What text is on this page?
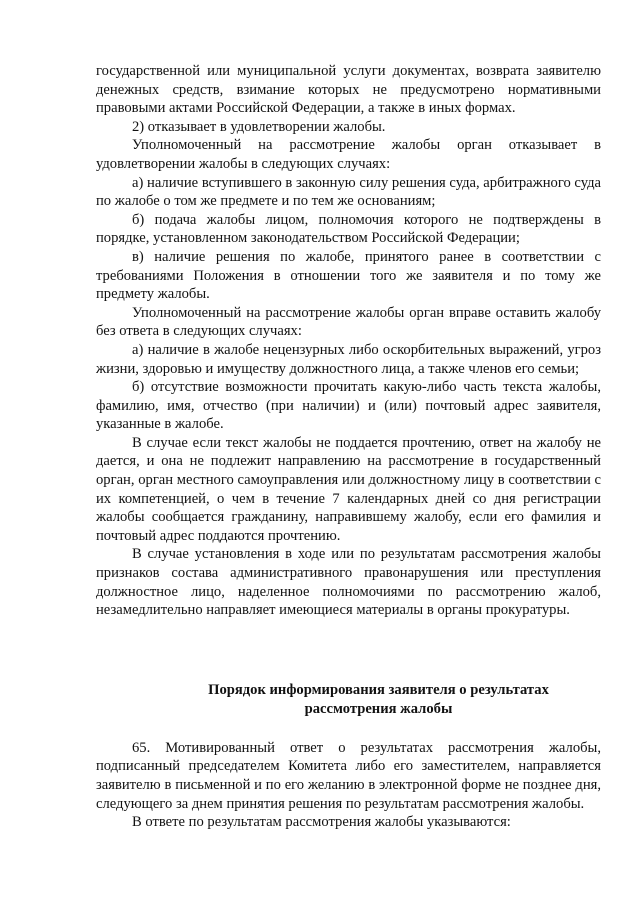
государственной или муниципальной услуги документах, возврата заявителю денежных средств, взимание которых не предусмотрено нормативными правовыми актами Российской Федерации, а также в иных формах.

2) отказывает в удовлетворении жалобы.

Уполномоченный на рассмотрение жалобы орган отказывает в удовлетворении жалобы в следующих случаях:

а) наличие вступившего в законную силу решения суда, арбитражного суда по жалобе о том же предмете и по тем же основаниям;

б) подача жалобы лицом, полномочия которого не подтверждены в порядке, установленном законодательством Российской Федерации;

в) наличие решения по жалобе, принятого ранее в соответствии с требованиями Положения в отношении того же заявителя и по тому же предмету жалобы.

Уполномоченный на рассмотрение жалобы орган вправе оставить жалобу без ответа в следующих случаях:

а) наличие в жалобе нецензурных либо оскорбительных выражений, угроз жизни, здоровью и имуществу должностного лица, а также членов его семьи;

б) отсутствие возможности прочитать какую-либо часть текста жалобы, фамилию, имя, отчество (при наличии) и (или) почтовый адрес заявителя, указанные в жалобе.

В случае если текст жалобы не поддается прочтению, ответ на жалобу не дается, и она не подлежит направлению на рассмотрение в государственный орган, орган местного самоуправления или должностному лицу в соответствии с их компетенцией, о чем в течение 7 календарных дней со дня регистрации жалобы сообщается гражданину, направившему жалобу, если его фамилия и почтовый адрес поддаются прочтению.

В случае установления в ходе или по результатам рассмотрения жалобы признаков состава административного правонарушения или преступления должностное лицо, наделенное полномочиями по рассмотрению жалоб, незамедлительно направляет имеющиеся материалы в органы прокуратуры.

Порядок информирования заявителя о результатах

рассмотрения жалобы

65. Мотивированный ответ о результатах рассмотрения жалобы, подписанный председателем Комитета либо его заместителем, направляется заявителю в письменной и по его желанию в электронной форме не позднее дня, следующего за днем принятия решения по результатам рассмотрения жалобы.

В ответе по результатам рассмотрения жалобы указываются:
